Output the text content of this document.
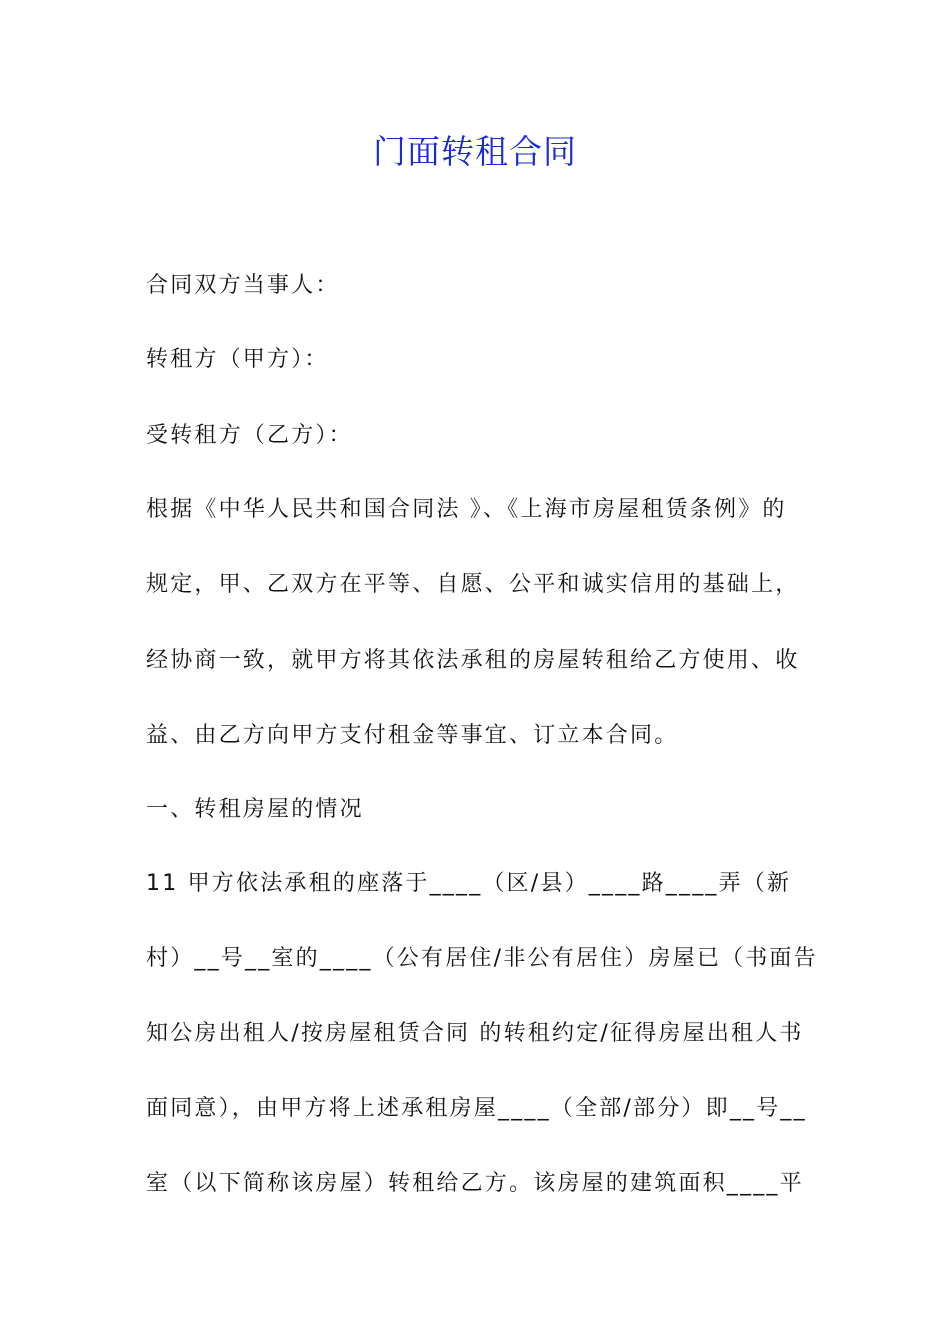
门面转租合同
合同双方当事人：
转租方（甲方）：
受转租方（乙方）：
根据《中华人民共和国合同法 》、《上海市房屋租赁条例》的
规定，甲、乙双方在平等、自愿、公平和诚实信用的基础上，
经协商一致，就甲方将其依法承租的房屋转租给乙方使用、收
益、由乙方向甲方支付租金等事宜、订立本合同。
一、转租房屋的情况
11 甲方依法承租的座落于____（区/县）____路____弄（新
村）__号__室的____（公有居住/非公有居住）房屋已（书面告
知公房出租人/按房屋租赁合同 的转租约定/征得房屋出租人书
面同意），由甲方将上述承租房屋____（全部/部分）即__号__
室（以下简称该房屋）转租给乙方。该房屋的建筑面积____平
